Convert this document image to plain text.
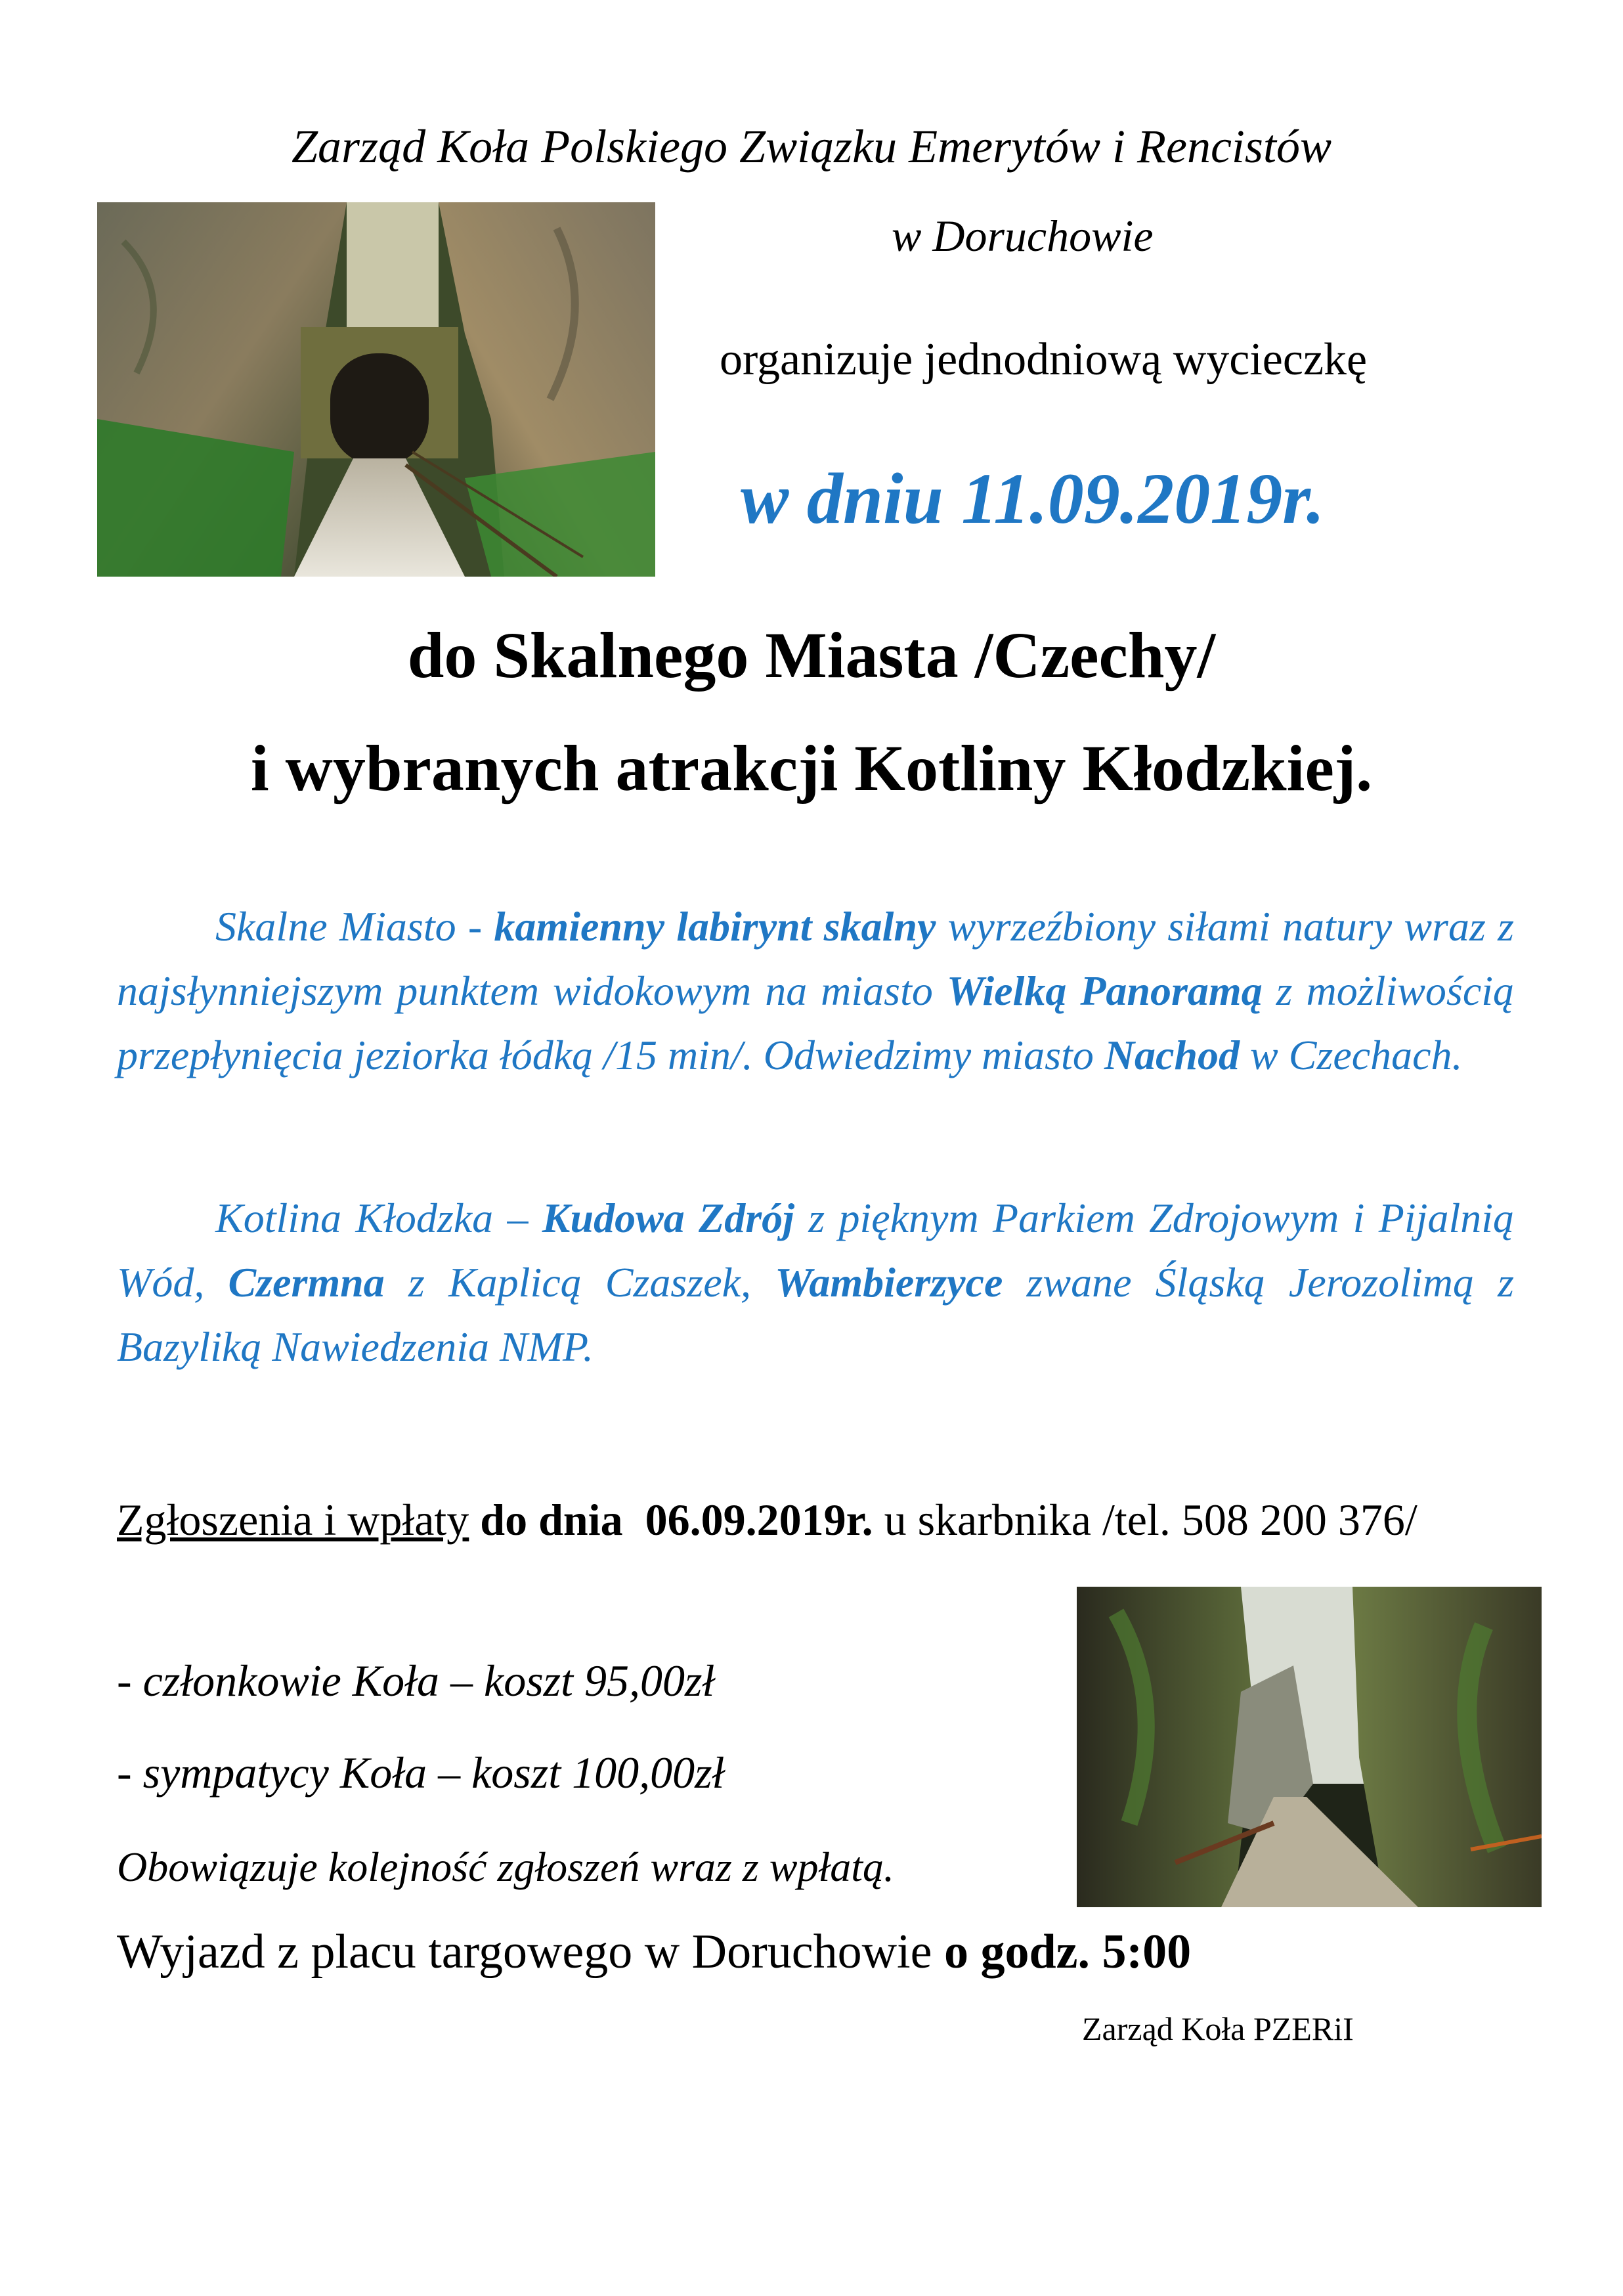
Zarząd Koła Polskiego Związku Emerytów i Rencistów
w Doruchowie
organizuje jednodniową wycieczkę
w dniu 11.09.2019r.
do Skalnego Miasta /Czechy/
i wybranych atrakcji Kotliny Kłodzkiej.
Skalne Miasto - kamienny labirynt skalny wyrzeźbiony siłami natury wraz z najsłynniejszym punktem widokowym na miasto Wielką Panoramą z możliwością przepłynięcia jeziorka łódką /15 min/. Odwiedzimy miasto Nachod w Czechach.
Kotlina Kłodzka – Kudowa Zdrój z pięknym Parkiem Zdrojowym i Pijalnią Wód, Czermna z Kaplicą Czaszek, Wambierzyce zwane Śląską Jerozolimą z Bazyliką Nawiedzenia NMP.
Zgłoszenia i wpłaty do dnia  06.09.2019r. u skarbnika /tel. 508 200 376/
- członkowie Koła – koszt 95,00zł
- sympatycy Koła – koszt 100,00zł
Obowiązuje kolejność zgłoszeń wraz z wpłatą.
Wyjazd z placu targowego w Doruchowie o godz. 5:00
Zarząd Koła PZERiI
